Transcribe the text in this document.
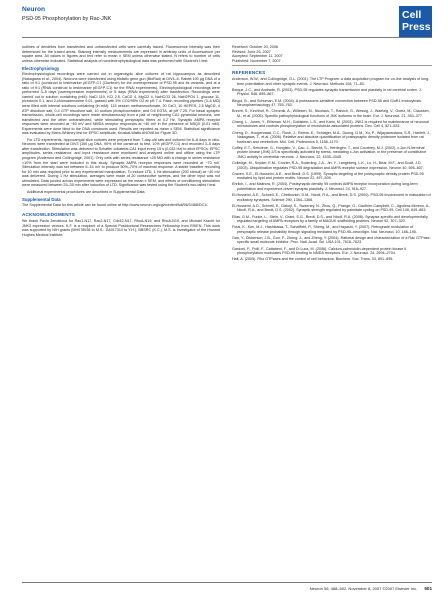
Neuron
PSD-95 Phosphorylation by Rac-JNK	Cell
Press

outlines of dendrites from transfected and untransfected cells were carefully traced. Fluorescence intensity was then determined for the traced areas. Staining intensity measurements are expressed in arbitrary units of fluorescence per square area. All values in figures and text refer to mean ± SEM unless otherwise stated. N refers to number of cells unless otherwise indicated. Statistical analysis of nonelectrophysiological data was performed with Student's t test.

Electrophysiology

Electrophysiological recordings were carried out in organotypic slice cultures of rat hippocampus as described (Nakagawa et al., 2004). Neurons were transfected using biolistic gene gun (BioRad) at DIV4–6. Rabbit 100 µg DNA of a ratio of 9:1 (construct to test/marker pEGFP-C1 (Clontech) for the overexpression of PSD-95 and its variants, and at a ratio of 9:1 (RNAi construct to test/marker pEGFP-C1) for the RNAi experiments). Electrophysiological recordings were performed 3–5 days (overexpression experiments) or 5 days (RNAi experiment) after transfection. Recordings were carried out in solution containing (mM): NaCl 119, KCl 2.5, CaCl2 4, MgCl2 4, NaHCO3 26, NaH2PO4 1, glucose 11, picrotoxin 0.1, and 2-chloroadenosine 0.01, gassed with 5% CO2/95% O2 at pH 7.4. Patch recording pipettes (3–6 MΩ) were filled with internal solutions containing (in mM): 115 cesium methanesulfonate, 20 CsCl, 10 HEPES, 2.5 MgCl2, 4 ATP disodium salt, 0.4 GTP trisodium salt, 10 sodium phosphocreatine, and 0.6 EGTA, at pH 7.25. For basal synaptic transmission, whole-cell recordings were made simultaneously from a pair of neighboring CA1 pyramidal neurons, one transfected and the other untransfected, while stimulating presynaptic fibers at 0.2 Hz. Synaptic AMPA receptor responses were recorded at −60 mV and NMDA receptor responses at +40 mV in the presence of NBQX (0.01 mM). Experiments were done blind to the DNA constructs used. Results are reported as mean ± SEM. Statistical significance was evaluated by Mann-Whitney test for EPSC amplitude, Kruskal-Wallis ANOVA for Figure 3D.

For LTD experiments, hippocampal slice cultures were prepared from 7-day-old rats and cultured for 6–8 days in vitro. Neurons were transfected at DIV3 (100 µg DNA, 90% of the construct to test, 10% pEGFP-C1) and recorded 3–5 days after transfection. Stimulation was delivered to Schaffer collateral-CA1 input every 15 s (0.033 Hz) to elicit EPSCs. EPSC amplitudes, series resistance, and input resistance were monitored and analyzed online and offline using the LTP program (Anderson and Collingridge, 2001). Only cells with series resistance <25 MΩ with a change in series resistance <10% from the start were included in this study. Synaptic AMPA receptor responses were recorded at −70 mV. Stimulation intensity was set between 5–15 mV to produce 50%–70% of maximal response. A stable baseline recording for 10 min was required prior to any experimental manipulation. To induce LTD, 1 Hz stimulation (200 stimuli) at −40 mV was delivered. During 1 Hz stimulation, averages were made of 20 consecutive sweeps, and the other input was not stimulated. Data pooled across experiments were expressed as the mean ± SEM, and effects of conditioning stimulation were measured between 25–35 min after induction of LTD. Significance was tested using the Student's two-tailed t test.

Additional experimental procedures are described in Supplemental Data.

Supplemental Data

The Supplemental Data for this article can be found online at http://www.neuron.org/cgi/content/full/56/3/488/DC1/.

ACKNOWLEDGMENTS

We thank Pavla Jendelova for Rac1-N17, Rac2-N17, Cdc42-N17, RhoA-N19, and RhoA-N19, and Michael Kracht for JNK3 expression vectors. K.F. is a recipient of a Special Postdoctoral Researchers Fellowship from RIKEN. This work was supported by NIH grants (MH078936 to M.S., DA017310 to Y.H.), BBSRC (K.C.), M.S. is Investigator of the Howard Hughes Medical Institute.

Received: October 20, 2006

Revised: June 26, 2007

Accepted: September 11, 2007

Published: November 7, 2007

REFERENCES

Anderson, W.W., and Collingridge, G.L. (2001). The LTP Program: a data acquisition program for on-line analysis of long-term potentiation and other synaptic events. J. Neurosci. Methods 108, 71–83.

Beique, J.C., and Andrade, R. (2003). PSD-95 regulates synaptic transmission and plasticity in rat cerebral cortex. J. Physiol. 546, 859–867.

Bingol, B., and Schuman, E.M. (2004). A proteasome-sensitive connection between PSD-95 and GluR1 endocytosis. Neuropharmacology 47, 755–763.

Brecht, S., Kirchhof, R., Chromik, A., Willesen, M., Nicolaus, T., Raivich, G., Wessig, J., Waetzig, V., Goetz, M., Claussen, M., et al. (2005). Specific pathophysiological functions of JNK isoforms in the brain. Eur. J. Neurosci. 21, 363–377.

Chang, L., Jones, Y., Ellisman, M.H., Goldstein, L.S., and Karin, M. (2003). JNK1 is required for maintenance of neuronal microtubules and controls phosphorylation of microtubule-associated proteins. Dev. Cell 4, 521–533.

Cheng, D., Hoogenraad, C.C., Rush, J., Ramm, E., Schlager, M.A., Duong, D.M., Xu, P., Wijayawardana, S.R., Hanfelt, J., Nakagawa, T., et al. (2006). Relative and absolute quantification of postsynaptic density proteome isolated from rat forebrain and cerebellum. Mol. Cell. Proteomics 5, 1158–1170.

Coffey, E.T., Smiciene, G., Hongisto, V., Cao, J., Brecht, S., Herdegen, T., and Courtney, M.J. (2002). c-Jun N-terminal protein kinase (JNK) 2/3 is specifically activated by stress, mediating c-Jun activation, in the presence of constitutive JNK1 activity in cerebellar neurons. J. Neurosci. 22, 4335–4345.

Colledge, M., Snyder, E.M., Crozier, R.A., Soderling, J.A., Jin, Y., Langeberg, L.K., Lu, H., Bear, M.F., and Scott, J.D. (2003). Ubiquitination regulates PSD-95 degradation and AMPA receptor surface expression. Neuron 40, 595–607.

Craven, S.E., El-Husseini, A.E., and Bredt, D.S. (1999). Synaptic targeting of the postsynaptic density protein PSD-95 mediated by lipid and protein motifs. Neuron 22, 497–509.

Ehrlich, I., and Malinow, R. (2004). Postsynaptic density 95 controls AMPA receptor incorporation during long-term potentiation and experience-driven synaptic plasticity. J. Neurosci. 24, 916–927.

El-Husseini, A.E., Schnell, E., Chetkovich, D.M., Nicoll, R.A., and Bredt, D.S. (2000). PSD-95 involvement in maturation of excitatory synapses. Science 290, 1364–1368.

El-Husseini, A.D., Schnell, E., Dakoji, S., Sweeney, N., Zhou, Q., Prange, O., Gauthier-Campbell, C., Aguilera-Moreno, A., Nicoll, R.A., and Bredt, D.S. (2002). Synaptic strength regulated by palmitate cycling on PSD-95. Cell 108, 849–863.

Elias, G.M., Funke, L., Stein, V., Grant, S.G., Bredt, D.S., and Nicoll, R.A. (2006). Synapse-specific and developmentally regulated targeting of AMPA receptors by a family of MAGUK scaffolding proteins. Neuron 52, 307–320.

Futai, K., Kim, M.J., Hashikawa, T., Scheiffele, P., Sheng, M., and Hayashi, Y. (2007). Retrograde modulation of presynaptic release probability through signaling mediated by PSD-95–neuroligin. Nat. Neurosci. 10, 186–195.

Gao, Y., Dickerson, J.B., Guo, F., Zheng, J., and Zheng, Y. (2004). Rational design and characterization of a Rac GTPase-specific small molecule inhibitor. Proc. Natl. Acad. Sci. USA 101, 7618–7623.

Gardoni, F., Polli, F., Cattabeni, F., and Di Luca, M. (2006). Calcium-calmodulin-dependent protein kinase II phosphorylation modulates PSD-95 binding to NMDA receptors. Eur. J. Neurosci. 24, 2694–2704.

Hall, A. (2005). Rho GTPases and the control of cell behaviour. Biochem. Soc. Trans. 33, 891–895.

Neuron 56, 488–502, November 8, 2007 ©2007 Elsevier Inc. 501
